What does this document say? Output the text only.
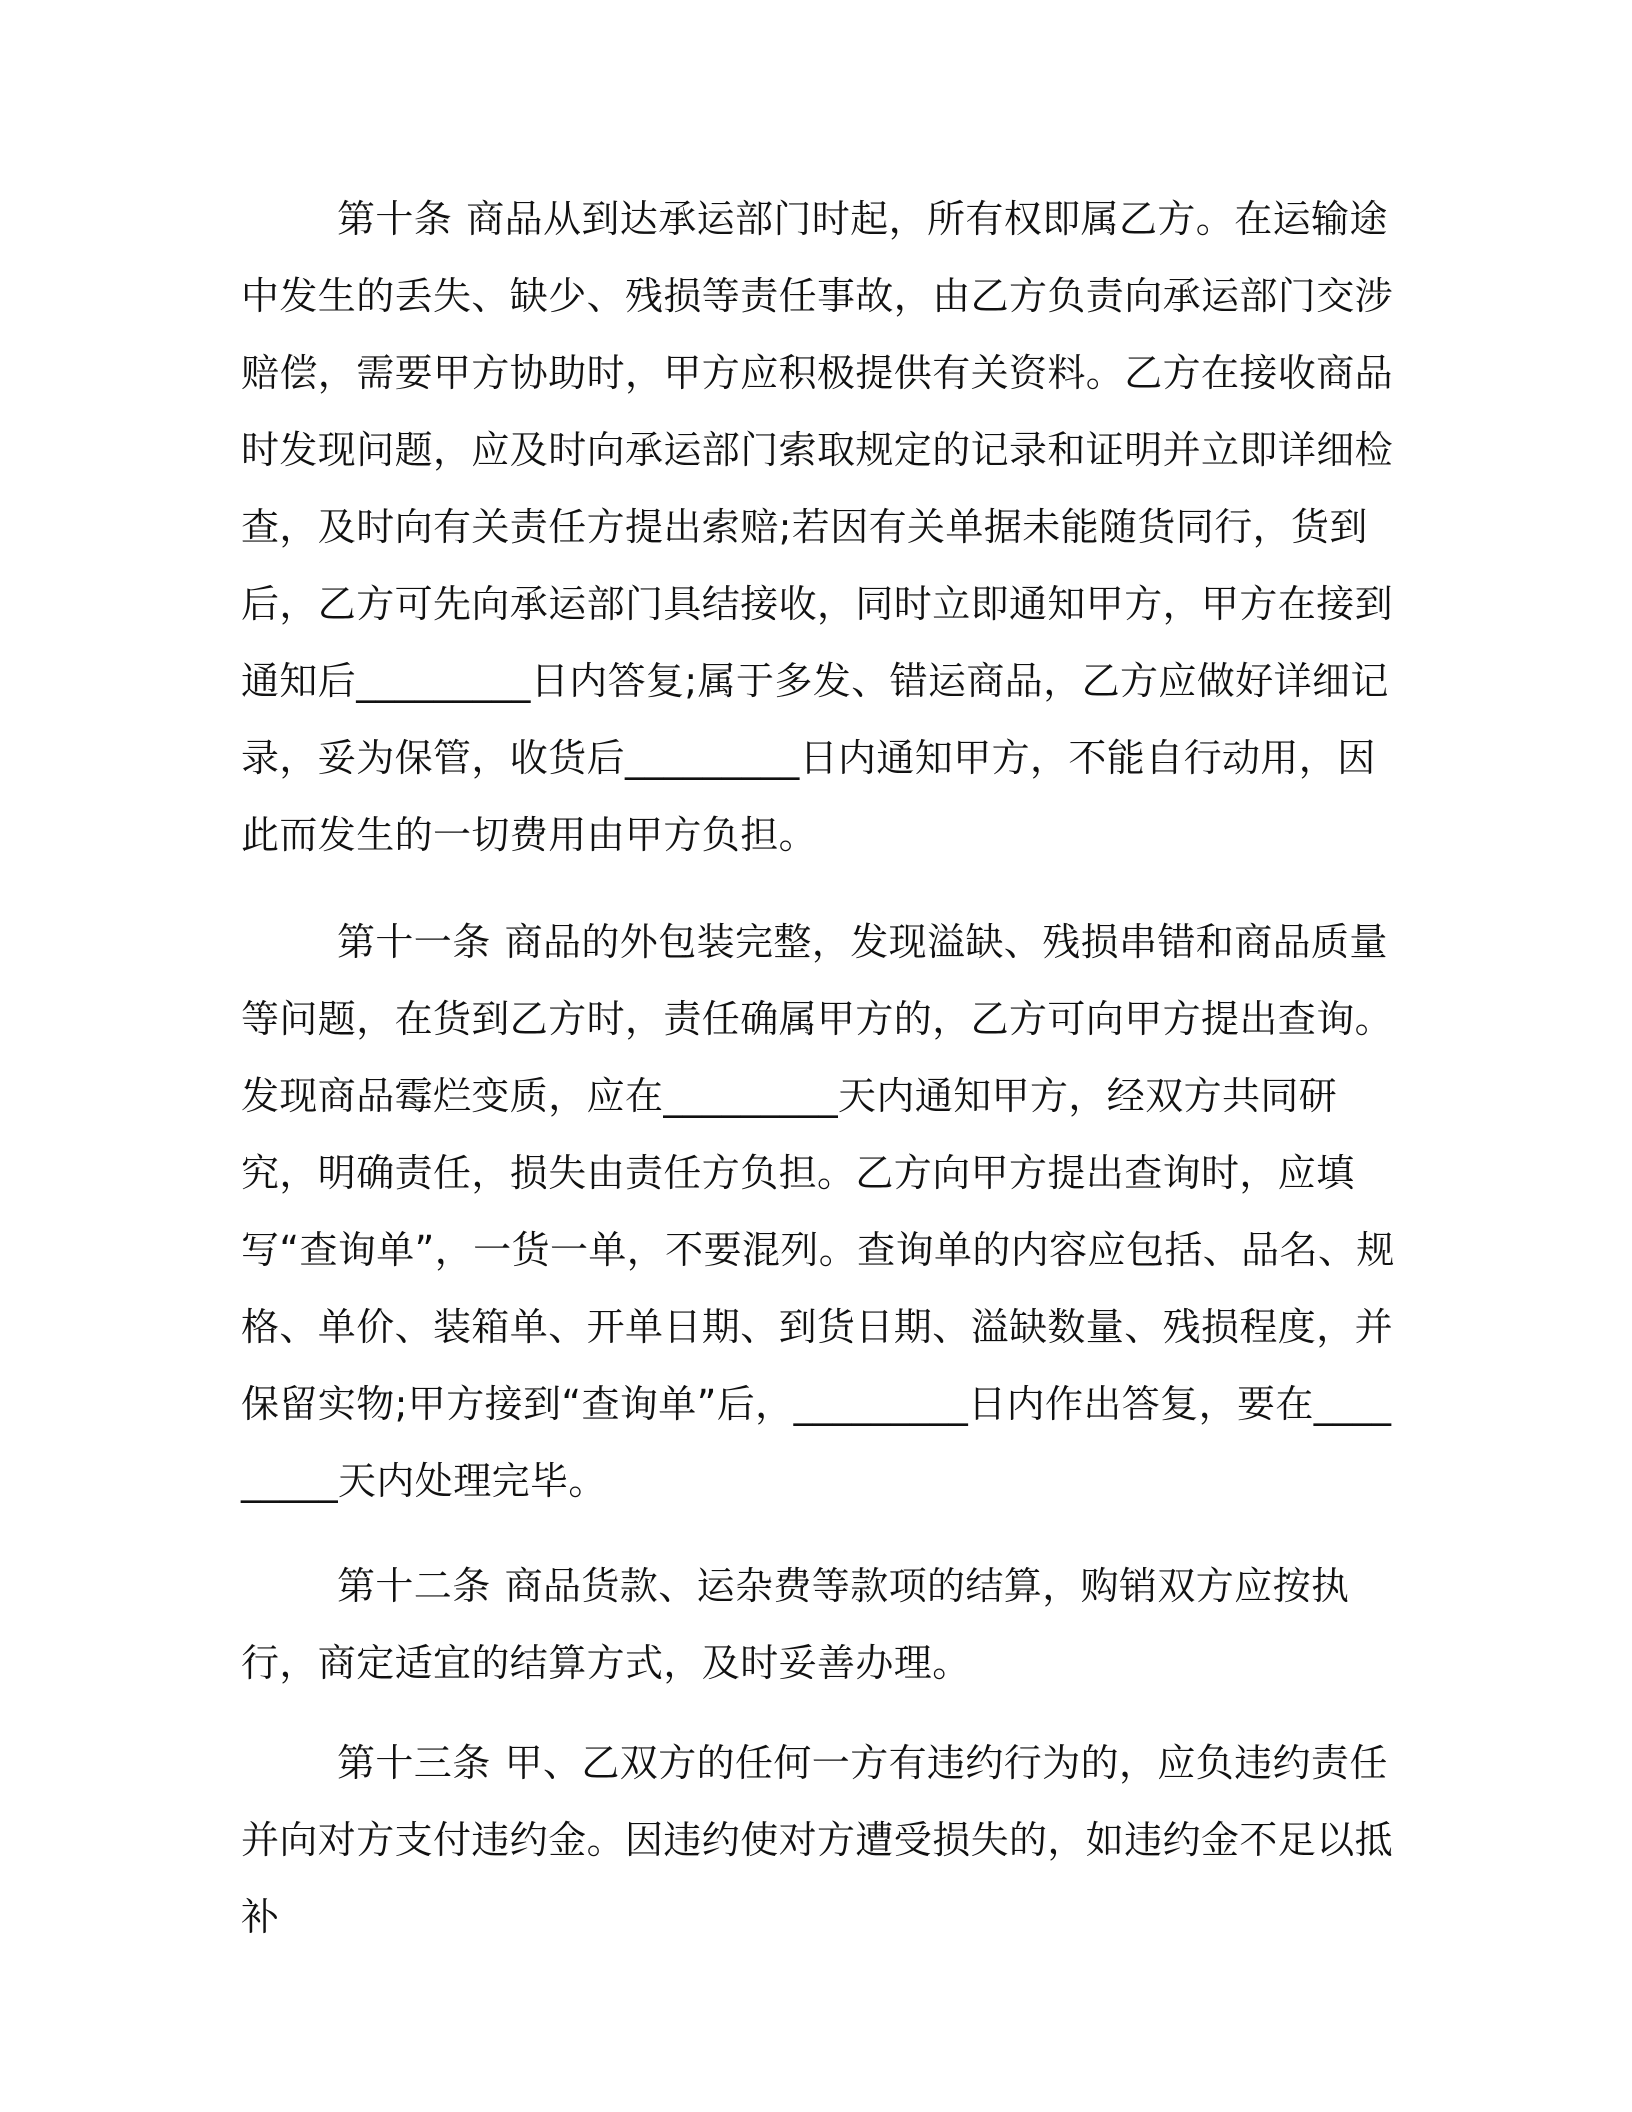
第十条 商品从到达承运部门时起，所有权即属乙方。在运输途中发生的丢失、缺少、残损等责任事故，由乙方负责向承运部门交涉赔偿，需要甲方协助时，甲方应积极提供有关资料。乙方在接收商品时发现问题，应及时向承运部门索取规定的记录和证明并立即详细检查，及时向有关责任方提出索赔;若因有关单据未能随货同行，货到后，乙方可先向承运部门具结接收，同时立即通知甲方，甲方在接到通知后_________日内答复;属于多发、错运商品，乙方应做好详细记录，妥为保管，收货后_________日内通知甲方，不能自行动用，因此而发生的一切费用由甲方负担。

第十一条 商品的外包装完整，发现溢缺、残损串错和商品质量等问题，在货到乙方时，责任确属甲方的，乙方可向甲方提出查询。发现商品霉烂变质，应在_________天内通知甲方，经双方共同研究，明确责任，损失由责任方负担。乙方向甲方提出查询时，应填写“查询单”，一货一单，不要混列。查询单的内容应包括、品名、规格、单价、装箱单、开单日期、到货日期、溢缺数量、残损程度，并保留实物;甲方接到“查询单”后，_________日内作出答复，要在_________天内处理完毕。

第十二条 商品货款、运杂费等款项的结算，购销双方应按执行，商定适宜的结算方式，及时妥善办理。

第十三条 甲、乙双方的任何一方有违约行为的，应负违约责任并向对方支付违约金。因违约使对方遭受损失的，如违约金不足以抵补
